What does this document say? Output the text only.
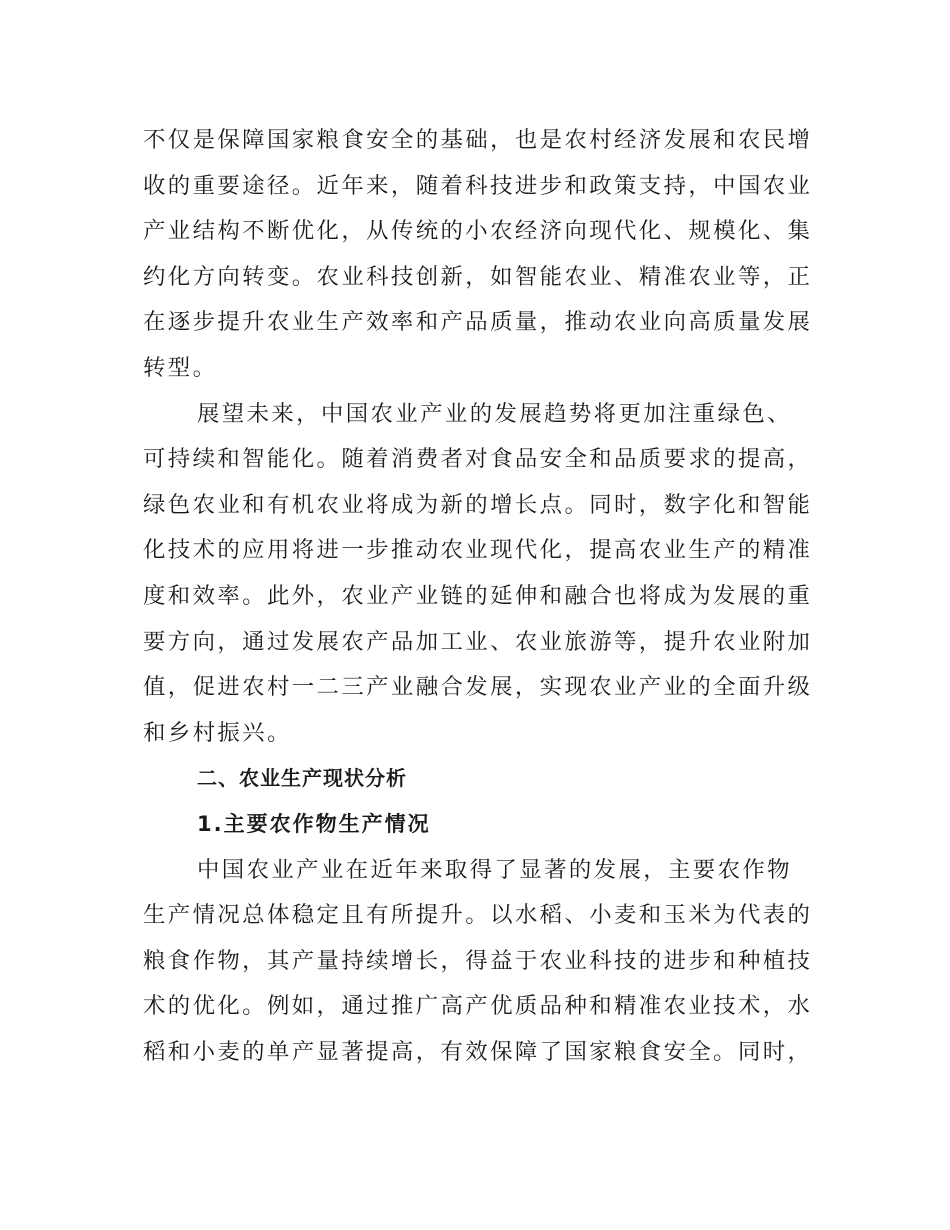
不仅是保障国家粮食安全的基础，也是农村经济发展和农民增
收的重要途径。近年来，随着科技进步和政策支持，中国农业
产业结构不断优化，从传统的小农经济向现代化、规模化、集
约化方向转变。农业科技创新，如智能农业、精准农业等，正
在逐步提升农业生产效率和产品质量，推动农业向高质量发展
转型。
展望未来，中国农业产业的发展趋势将更加注重绿色、
可持续和智能化。随着消费者对食品安全和品质要求的提高，
绿色农业和有机农业将成为新的增长点。同时，数字化和智能
化技术的应用将进一步推动农业现代化，提高农业生产的精准
度和效率。此外，农业产业链的延伸和融合也将成为发展的重
要方向，通过发展农产品加工业、农业旅游等，提升农业附加
值，促进农村一二三产业融合发展，实现农业产业的全面升级
和乡村振兴。
二、农业生产现状分析
1.主要农作物生产情况
中国农业产业在近年来取得了显著的发展，主要农作物
生产情况总体稳定且有所提升。以水稻、小麦和玉米为代表的
粮食作物，其产量持续增长，得益于农业科技的进步和种植技
术的优化。例如，通过推广高产优质品种和精准农业技术，水
稻和小麦的单产显著提高，有效保障了国家粮食安全。同时，
